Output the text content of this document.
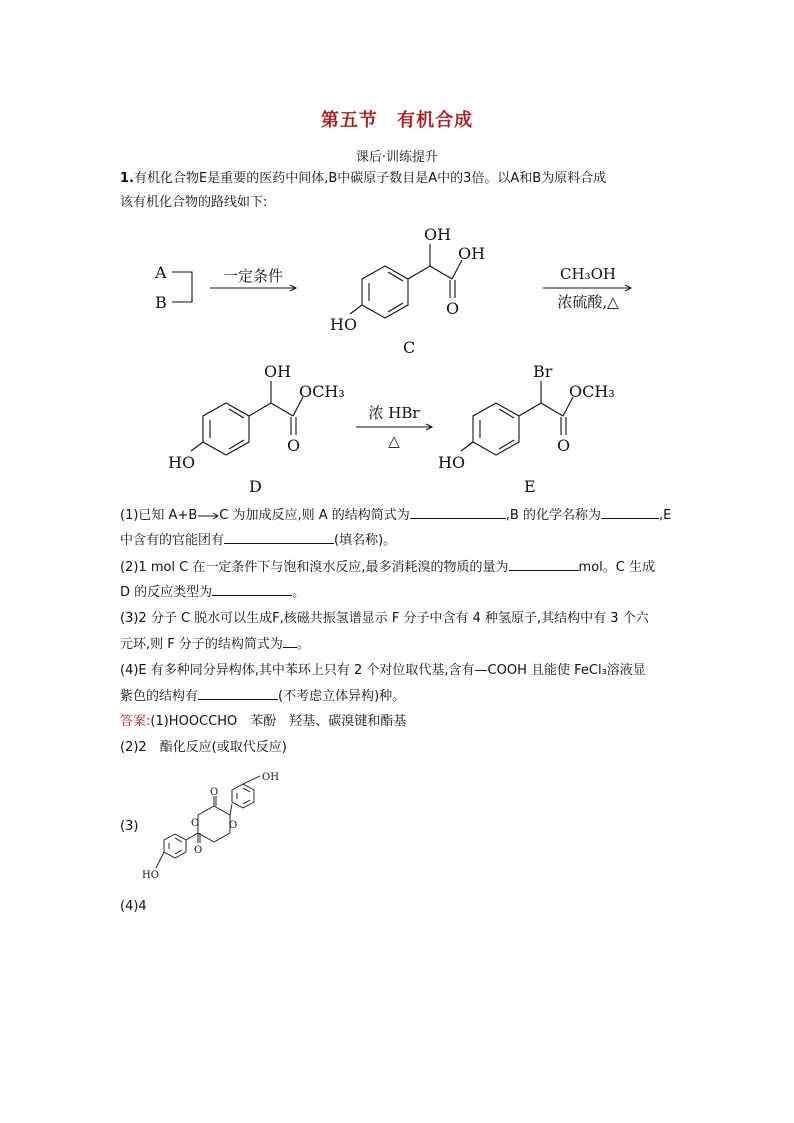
第五节 有机合成
课后·训练提升
1.有机化合物E是重要的医药中间体,B中碳原子数目是A中的3倍。以A和B为原料合成
该有机化合物的路线如下:
A
B
一定条件	CH₃OH
浓硫酸,△
浓 HBr
△
OH
OH
O
HO
C
OH
OCH₃
O
HO
D
Br
OCH₃
O
HO
E
(1)已知 A+B→C 为加成反应,则 A 的结构简式为	,B 的化学名称为	,E
中含有的官能团有	(填名称)。
(2)1 mol C 在一定条件下与饱和溴水反应,最多消耗溴的物质的量为	mol。C 生成
D 的反应类型为	。
(3)2 分子 C 脱水可以生成F,核磁共振氢谱显示 F 分子中含有 4 种氢原子,其结构中有 3 个六
元环,则 F 分子的结构简式为 。
(4)E 有多种同分异构体,其中苯环上只有 2 个对位取代基,含有—COOH 且能使 FeCl₃溶液显
紫色的结构有	(不考虑立体异构)种。
答案:(1)HOOCCHO　苯酚　羟基、碳溴键和酯基
(2)2　酯化反应(或取代反应)
(3)
OH
HO
O
O
O	O
(4)4
